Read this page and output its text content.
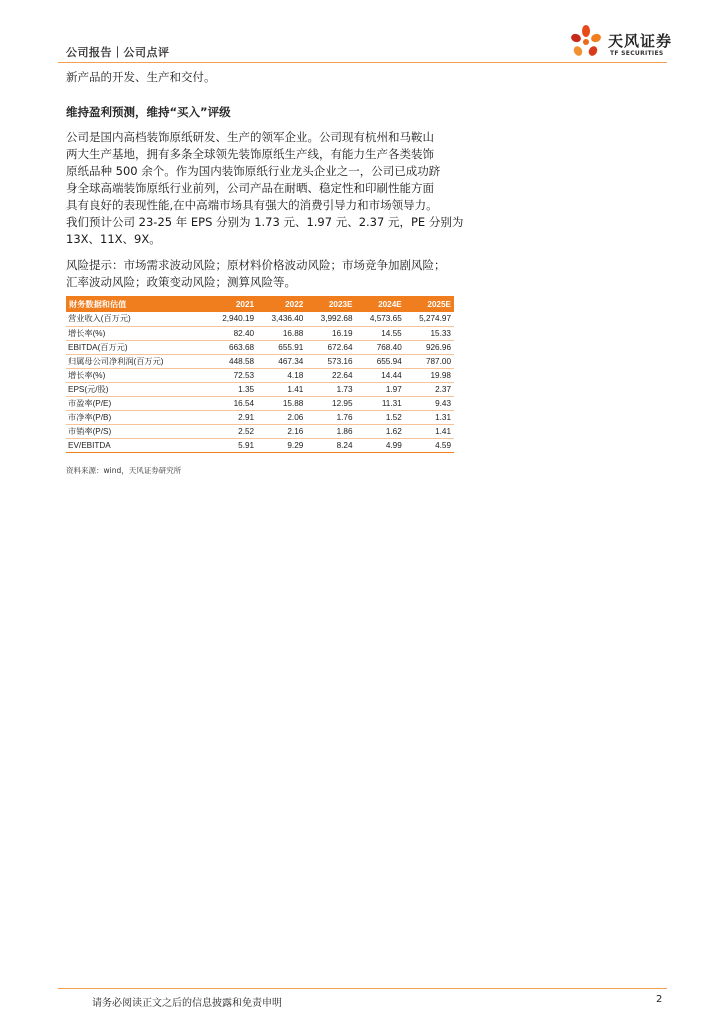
公司报告｜公司点评
天风证券
TF SECURITIES
新产品的开发、生产和交付。
维持盈利预测，维持“买入”评级
公司是国内高档装饰原纸研发、生产的领军企业。公司现有杭州和马鞍山
两大生产基地，拥有多条全球领先装饰原纸生产线，有能力生产各类装饰
原纸品种 500 余个。作为国内装饰原纸行业龙头企业之一，公司已成功跻
身全球高端装饰原纸行业前列，公司产品在耐晒、稳定性和印刷性能方面
具有良好的表现性能,在中高端市场具有强大的消费引导力和市场领导力。
我们预计公司 23-25 年 EPS 分别为 1.73 元、1.97 元、2.37 元，PE 分别为
13X、11X、9X。
风险提示：市场需求波动风险；原材料价格波动风险；市场竞争加剧风险；
汇率波动风险；政策变动风险；测算风险等。
财务数据和估值	2021	2022	2023E	2024E	2025E
营业收入(百万元)	2,940.19	3,436.40	3,992.68	4,573.65	5,274.97
增长率(%)	82.40	16.88	16.19	14.55	15.33
EBITDA(百万元)	663.68	655.91	672.64	768.40	926.96
归属母公司净利润(百万元)	448.58	467.34	573.16	655.94	787.00
增长率(%)	72.53	4.18	22.64	14.44	19.98
EPS(元/股)	1.35	1.41	1.73	1.97	2.37
市盈率(P/E)	16.54	15.88	12.95	11.31	9.43
市净率(P/B)	2.91	2.06	1.76	1.52	1.31
市销率(P/S)	2.52	2.16	1.86	1.62	1.41
EV/EBITDA	5.91	9.29	8.24	4.99	4.59
资料来源：wind，天风证券研究所
请务必阅读正文之后的信息披露和免责申明	2
